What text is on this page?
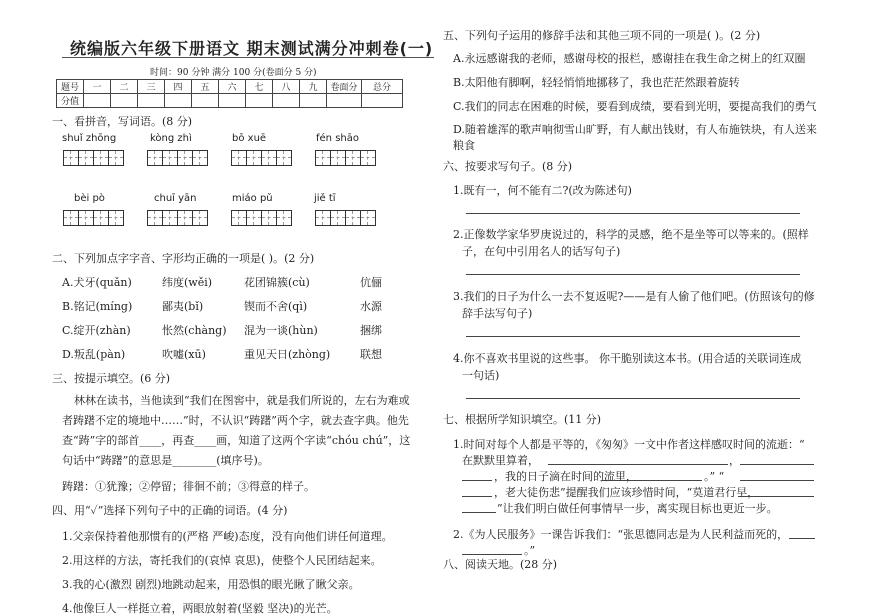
统编版六年级下册语文 期末测试满分冲刺卷(一)
时间：90 分钟 满分 100 分(卷面分 5 分)
题号	一	二	三	四	五	六	七	八	九	卷面分	总分
分值											
一、看拼音，写词语。(8 分)
shuǐ zhōng	kòng zhì	bō xuē	fén shāo
bèi pò	chuī yān	miáo pǔ	jiě tī
二、下列加点字字音、字形均正确的一项是( )。(2 分)
A.犬牙(quǎn)	纬度(wěi)	花团锦簇(cù)	伉俪
B.铭记(míng)	鄙夷(bǐ)	锲而不舍(qì)	水源
C.绽开(zhàn)	怅然(chàng) 混为一谈(hùn)	捆绑
D.叛乱(pàn)	吹嘘(xū)	重见天日(zhòng)	联想
三、按提示填空。(6 分)
林林在读书，当他读到“我们在图窖中，就是我们所说的，左右为难或
者踌躇不定的境地中……”时，不认识“踌躇”两个字，就去查字典。他先
查“踌”字的部首____，再查____画，知道了这两个字读“chóu chú”，这
句话中“踌躇”的意思是________(填序号)。
踌躇：①犹豫；②停留；徘徊不前；③得意的样子。
四、用“✓”选择下列句子中的正确的词语。(4 分)
1.父亲保持着他那惯有的(严格 严峻)态度，没有向他们讲任何道理。
2.用这样的方法，寄托我们的(哀悼 哀思)，使整个人民团结起来。
3.我的心(激烈 剧烈)地跳动起来，用恐惧的眼光瞅了瞅父亲。
4.他像巨人一样挺立着，两眼放射着(坚毅 坚决)的光芒。
五、下列句子运用的修辞手法和其他三项不同的一项是( )。(2 分)
A.永远感谢我的老师，感谢母校的报栏，感谢挂在我生命之树上的红双圈
B.太阳他有脚啊，轻轻悄悄地挪移了，我也茫茫然跟着旋转
C.我们的同志在困难的时候，要看到成绩，要看到光明，要提高我们的勇气
D.随着雄浑的歌声响彻雪山旷野，有人献出钱财，有人布施铁块，有人送来
粮食
六、按要求写句子。(8 分)
1.既有一，何不能有二?(改为陈述句)
2.正像数学家华罗庚说过的，科学的灵感，绝不是坐等可以等来的。(照样
子，在句中引用名人的话写句子)
3.我们的日子为什么一去不复返呢?——是有人偷了他们吧。(仿照该句的修
辞手法写句子)
4.你不喜欢书里说的这些事。 你干脆别读这本书。(用合适的关联词连成
一句话)
七、根据所学知识填空。(11 分)
1.时间对每个人都是平等的，《匆匆》一文中作者这样感叹时间的流逝：“
在默默里算着，	，
，我的日子滴在时间的流里，	。” “
，老大徒伤悲”提醒我们应该珍惜时间，“莫道君行早，
”让我们明白做任何事情早一步，离实现目标也更近一步。
2.《为人民服务》一课告诉我们：“张思德同志是为人民利益而死的，
。”
八、阅读天地。(28 分)
